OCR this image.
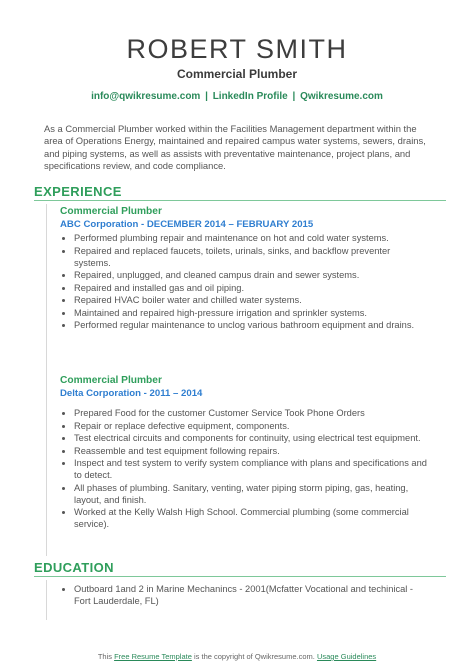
ROBERT SMITH
Commercial Plumber
info@qwikresume.com | LinkedIn Profile | Qwikresume.com
As a Commercial Plumber worked within the Facilities Management department within the area of Operations Energy, maintained and repaired campus water systems, sewers, drains, and piping systems, as well as assists with preventative maintenance, project plans, and specifications review, and code compliance.
EXPERIENCE
Commercial Plumber
ABC Corporation - DECEMBER 2014 – FEBRUARY 2015
• Performed plumbing repair and maintenance on hot and cold water systems.
• Repaired and replaced faucets, toilets, urinals, sinks, and backflow preventer systems.
• Repaired, unplugged, and cleaned campus drain and sewer systems.
• Repaired and installed gas and oil piping.
• Repaired HVAC boiler water and chilled water systems.
• Maintained and repaired high-pressure irrigation and sprinkler systems.
• Performed regular maintenance to unclog various bathroom equipment and drains.
Commercial Plumber
Delta Corporation - 2011 – 2014
• Prepared Food for the customer Customer Service Took Phone Orders
• Repair or replace defective equipment, components.
• Test electrical circuits and components for continuity, using electrical test equipment.
• Reassemble and test equipment following repairs.
• Inspect and test system to verify system compliance with plans and specifications and to detect.
• All phases of plumbing. Sanitary, venting, water piping storm piping, gas, heating, layout, and finish.
• Worked at the Kelly Walsh High School. Commercial plumbing (some commercial service).
EDUCATION
• Outboard 1and 2 in Marine Mechanincs - 2001(Mcfatter Vocational and techinical - Fort Lauderdale, FL)
This Free Resume Template is the copyright of Qwikresume.com. Usage Guidelines
